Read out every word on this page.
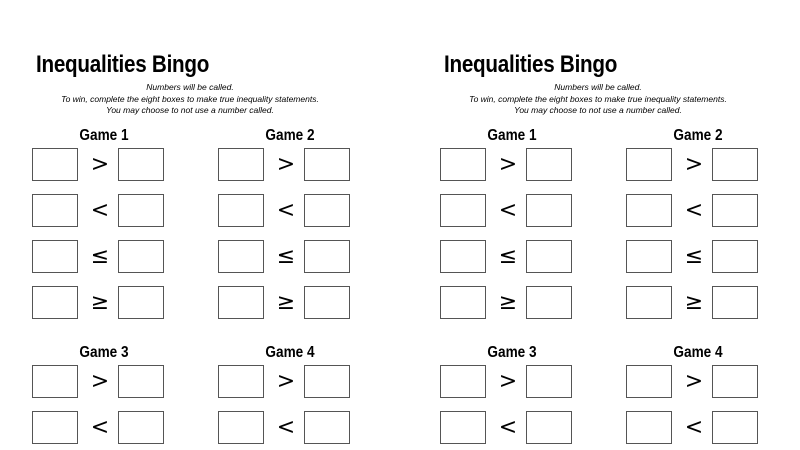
Inequalities Bingo
Numbers will be called.
To win, complete the eight boxes to make true inequality statements.
You may choose to not use a number called.
Game 1
>
<
≤
≥
Game 2
>
<
≤
≥
Game 3
>
<
Game 4
>
<
Inequalities Bingo
Numbers will be called.
To win, complete the eight boxes to make true inequality statements.
You may choose to not use a number called.
Game 1
>
<
≤
≥
Game 2
>
<
≤
≥
Game 3
>
<
Game 4
>
<
